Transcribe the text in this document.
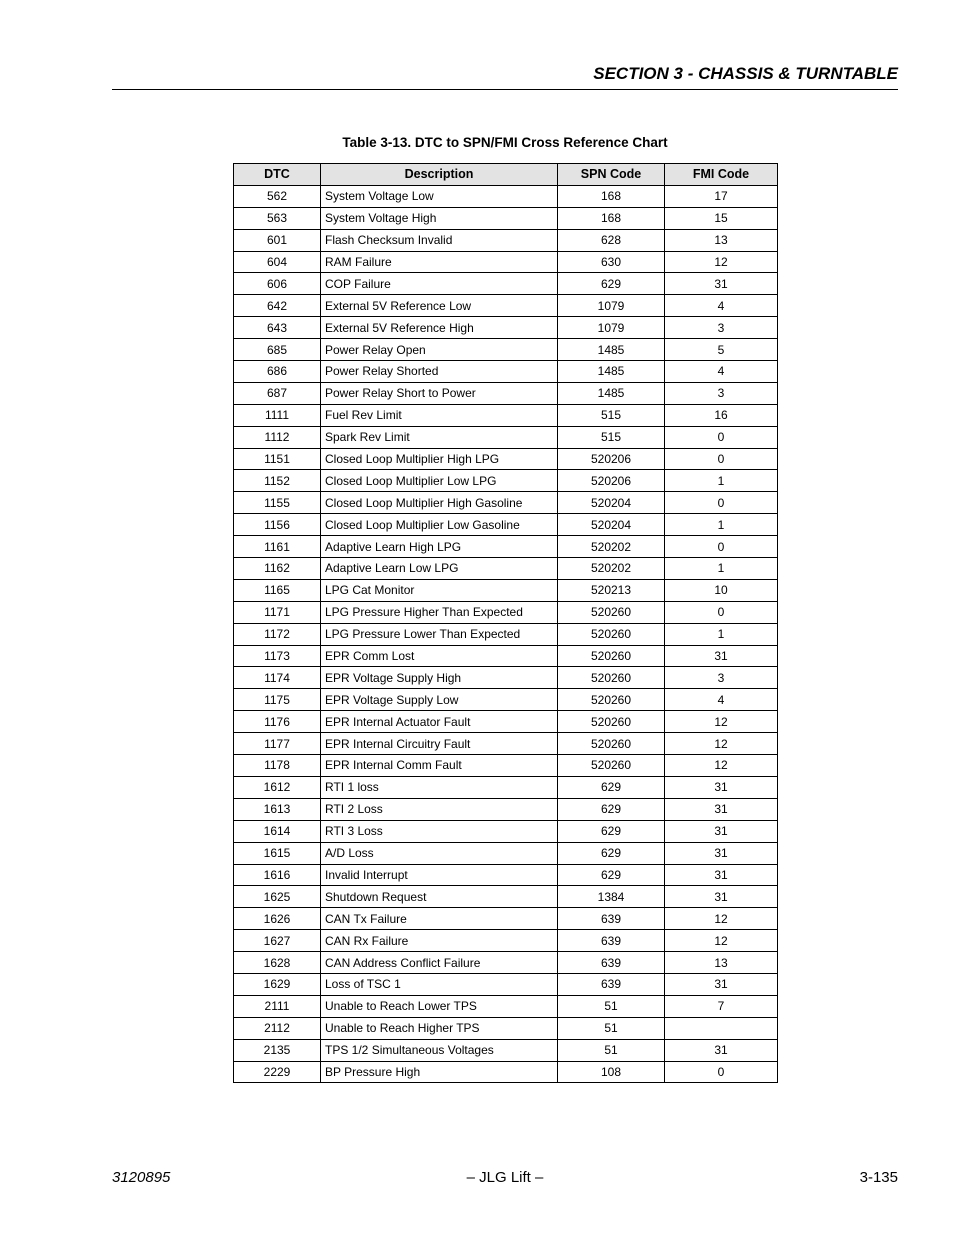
SECTION 3 - CHASSIS & TURNTABLE
Table 3-13. DTC to SPN/FMI Cross Reference Chart
DTC	Description	SPN Code	FMI Code
562	System Voltage Low	168	17
563	System Voltage High	168	15
601	Flash Checksum Invalid	628	13
604	RAM Failure	630	12
606	COP Failure	629	31
642	External 5V Reference Low	1079	4
643	External 5V Reference High	1079	3
685	Power Relay Open	1485	5
686	Power Relay Shorted	1485	4
687	Power Relay Short to Power	1485	3
1111	Fuel Rev Limit	515	16
1112	Spark Rev Limit	515	0
1151	Closed Loop Multiplier High LPG	520206	0
1152	Closed Loop Multiplier Low LPG	520206	1
1155	Closed Loop Multiplier High Gasoline	520204	0
1156	Closed Loop Multiplier Low Gasoline	520204	1
1161	Adaptive Learn High LPG	520202	0
1162	Adaptive Learn Low LPG	520202	1
1165	LPG Cat Monitor	520213	10
1171	LPG Pressure Higher Than Expected	520260	0
1172	LPG Pressure Lower Than Expected	520260	1
1173	EPR Comm Lost	520260	31
1174	EPR Voltage Supply High	520260	3
1175	EPR Voltage Supply Low	520260	4
1176	EPR Internal Actuator Fault	520260	12
1177	EPR Internal Circuitry Fault	520260	12
1178	EPR Internal Comm Fault	520260	12
1612	RTI 1 loss	629	31
1613	RTI 2 Loss	629	31
1614	RTI 3 Loss	629	31
1615	A/D Loss	629	31
1616	Invalid Interrupt	629	31
1625	Shutdown Request	1384	31
1626	CAN Tx Failure	639	12
1627	CAN Rx Failure	639	12
1628	CAN Address Conflict Failure	639	13
1629	Loss of TSC 1	639	31
2111	Unable to Reach Lower TPS	51	7
2112	Unable to Reach Higher TPS	51	
2135	TPS 1/2 Simultaneous Voltages	51	31
2229	BP Pressure High	108	0
3120895	– JLG Lift –	3-135
